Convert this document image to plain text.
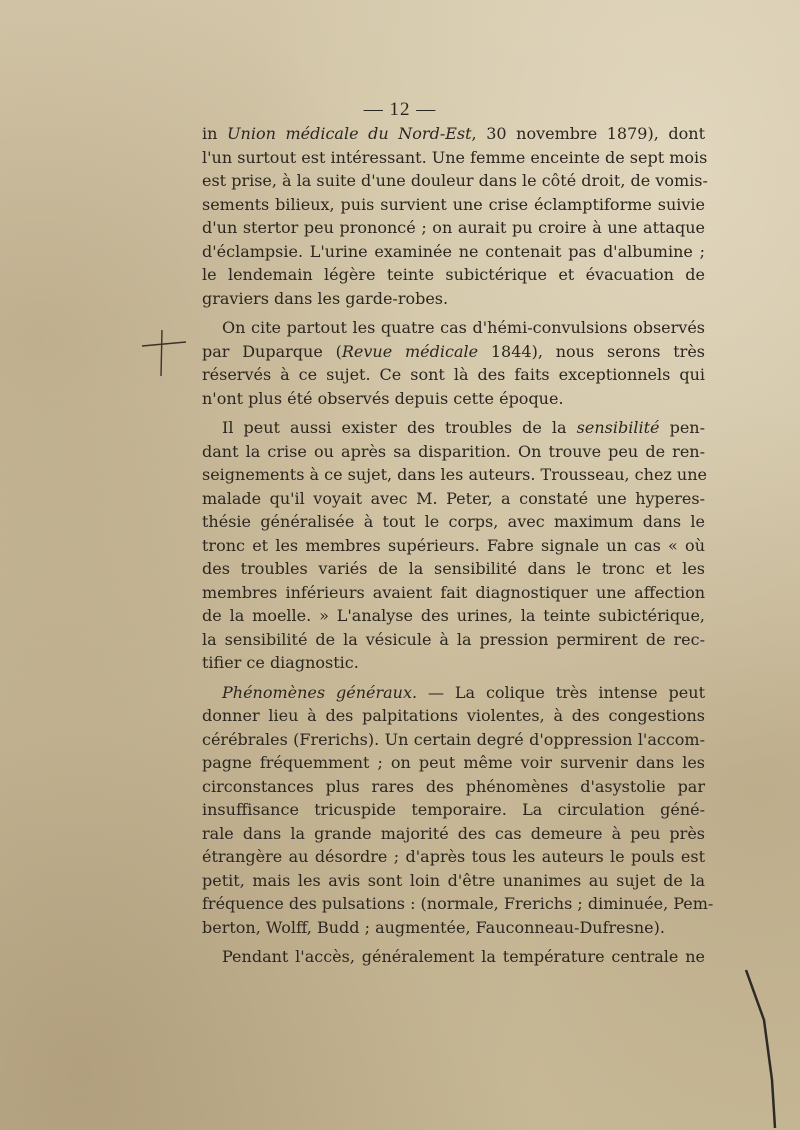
— 12 —
in Union médicale du Nord-Est, 30 novembre 1879), dont
l'un surtout est intéressant. Une femme enceinte de sept mois
est prise, à la suite d'une douleur dans le côté droit, de vomis-
sements bilieux, puis survient une crise éclamptiforme suivie
d'un stertor peu prononcé ; on aurait pu croire à une attaque
d'éclampsie. L'urine examinée ne contenait pas d'albumine ;
le lendemain légère teinte subictérique et évacuation de
graviers dans les garde-robes.
On cite partout les quatre cas d'hémi-convulsions observés
par Duparque (Revue médicale 1844), nous serons très
réservés à ce sujet. Ce sont là des faits exceptionnels qui
n'ont plus été observés depuis cette époque.
Il peut aussi exister des troubles de la sensibilité pen-
dant la crise ou après sa disparition. On trouve peu de ren-
seignements à ce sujet, dans les auteurs. Trousseau, chez une
malade qu'il voyait avec M. Peter, a constaté une hyperes-
thésie généralisée à tout le corps, avec maximum dans le
tronc et les membres supérieurs. Fabre signale un cas « où
des troubles variés de la sensibilité dans le tronc et les
membres inférieurs avaient fait diagnostiquer une affection
de la moelle. » L'analyse des urines, la teinte subictérique,
la sensibilité de la vésicule à la pression permirent de rec-
tifier ce diagnostic.
Phénomènes généraux. — La colique très intense peut
donner lieu à des palpitations violentes, à des congestions
cérébrales (Frerichs). Un certain degré d'oppression l'accom-
pagne fréquemment ; on peut même voir survenir dans les
circonstances plus rares des phénomènes d'asystolie par
insuffisance tricuspide temporaire. La circulation géné-
rale dans la grande majorité des cas demeure à peu près
étrangère au désordre ; d'après tous les auteurs le pouls est
petit, mais les avis sont loin d'être unanimes au sujet de la
fréquence des pulsations : (normale, Frerichs ; diminuée, Pem-
berton, Wolff, Budd ; augmentée, Fauconneau-Dufresne).
Pendant l'accès, généralement la température centrale ne
